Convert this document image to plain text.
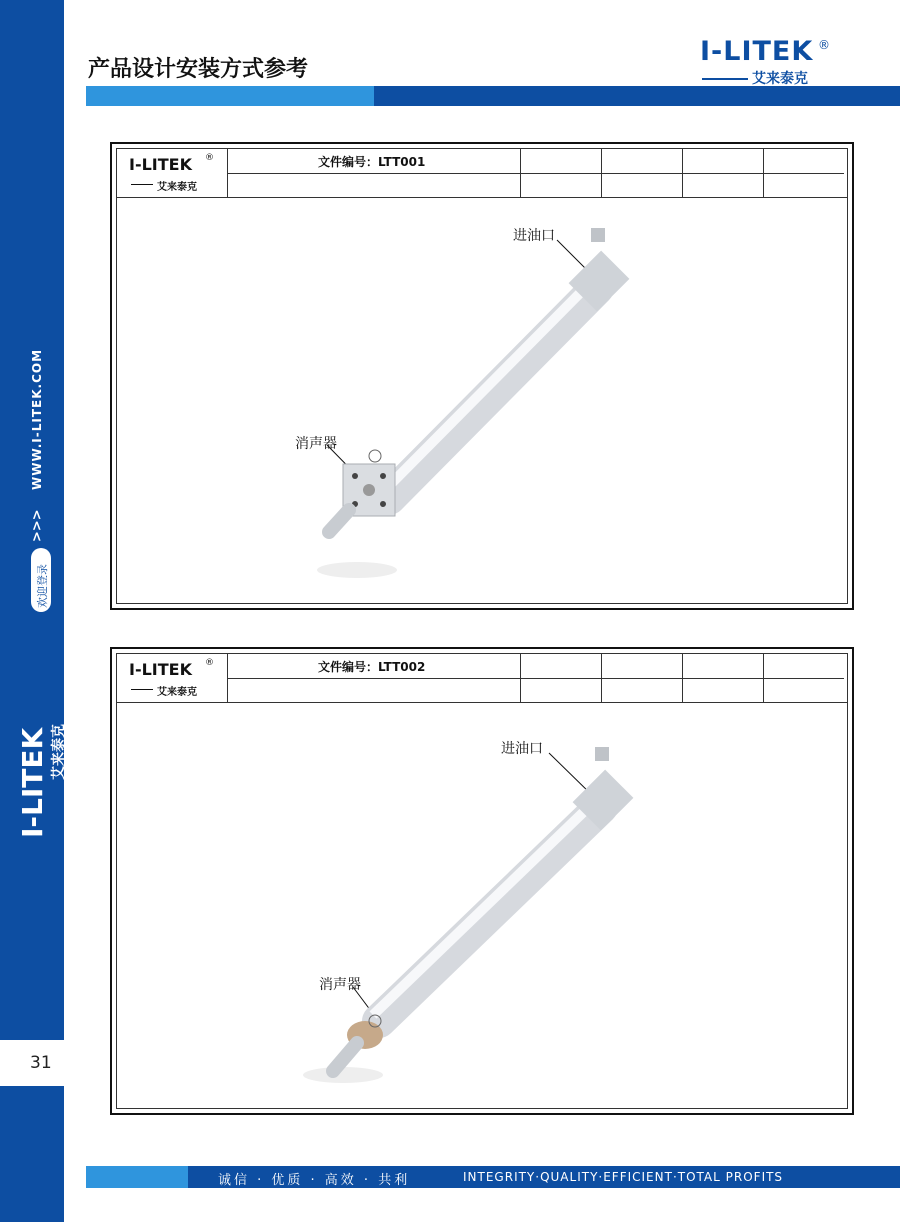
WWW.I-LITEK.COM
>>>
欢迎登录
I-LITEK 艾来泰克
31
产品设计安装方式参考
I-LITEK ®
艾来泰克
I-LITEK ®
艾来泰克
文件编号：LTT001
进油口
消声器
I-LITEK ®
艾来泰克
文件编号：LTT002
进油口
消声器
诚信 · 优质 · 高效 · 共利	INTEGRITY·QUALITY·EFFICIENT·TOTAL PROFITS
